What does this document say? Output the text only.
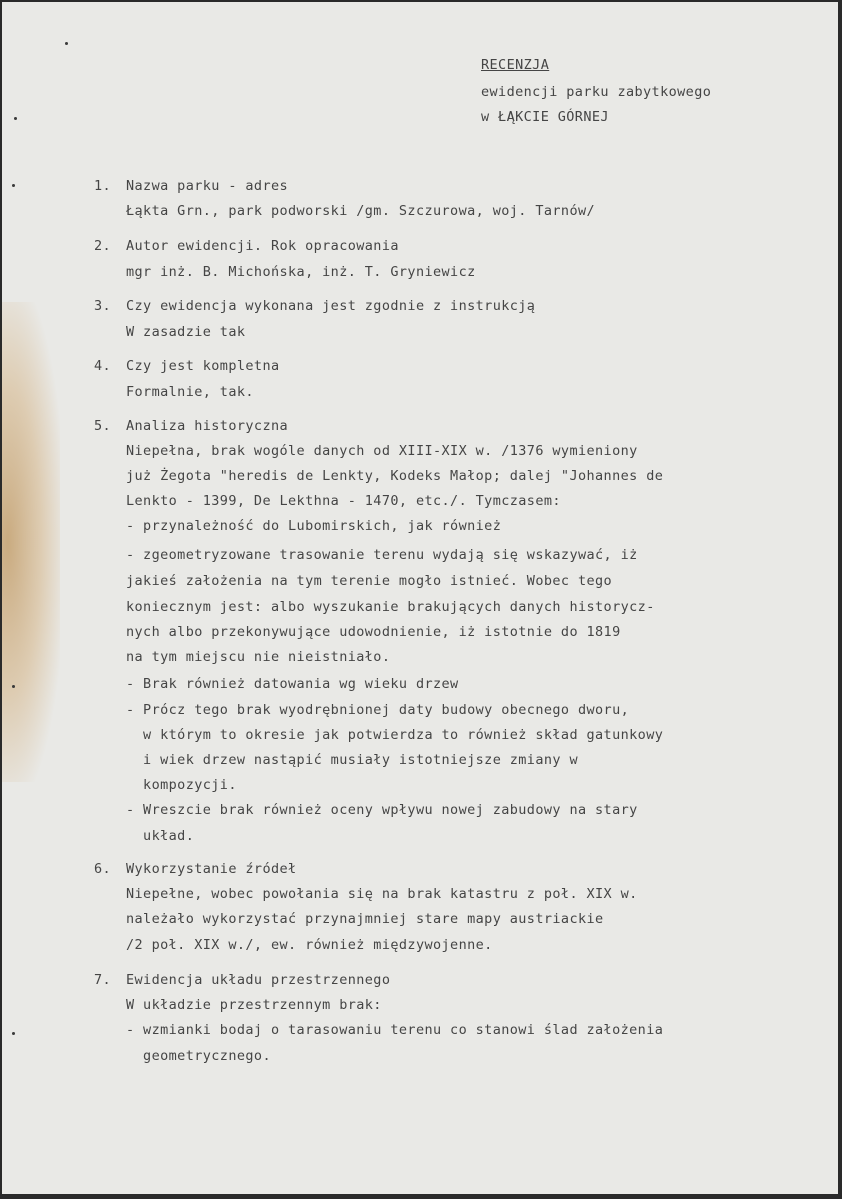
RECENZJA
ewidencji parku zabytkowego
w ŁĄKCIE GÓRNEJ
1. Nazwa parku - adres
Łąkta Grn., park podworski /gm. Szczurowa, woj. Tarnów/
2. Autor ewidencji. Rok opracowania
mgr inż. B. Michońska, inż. T. Gryniewicz
3. Czy ewidencja wykonana jest zgodnie z instrukcją
W zasadzie tak
4. Czy jest kompletna
Formalnie, tak.
5. Analiza historyczna
Niepełna, brak wogóle danych od XIII-XIX w. /1376 wymieniony
już Żegota "heredis de Lenkty, Kodeks Małop; dalej "Johannes de
Lenkto - 1399, De Lekthna - 1470, etc./. Tymczasem:
- przynależność do Lubomirskich, jak również
- zgeometryzowane trasowanie terenu wydają się wskazywać, iż
jakieś założenia na tym terenie mogło istnieć. Wobec tego
koniecznym jest: albo wyszukanie brakujących danych historycz-
nych albo przekonywujące udowodnienie, iż istotnie do 1819
na tym miejscu nie nieistniało.
- Brak również datowania wg wieku drzew
- Prócz tego brak wyodrębnionej daty budowy obecnego dworu,
w którym to okresie jak potwierdza to również skład gatunkowy
i wiek drzew nastąpić musiały istotniejsze zmiany w
kompozycji.
- Wreszcie brak również oceny wpływu nowej zabudowy na stary
układ.
6. Wykorzystanie źródeł
Niepełne, wobec powołania się na brak katastru z poł. XIX w.
należało wykorzystać przynajmniej stare mapy austriackie
/2 poł. XIX w./, ew. również międzywojenne.
7. Ewidencja układu przestrzennego
W układzie przestrzennym brak:
- wzmianki bodaj o tarasowaniu terenu co stanowi ślad założenia
geometrycznego.
